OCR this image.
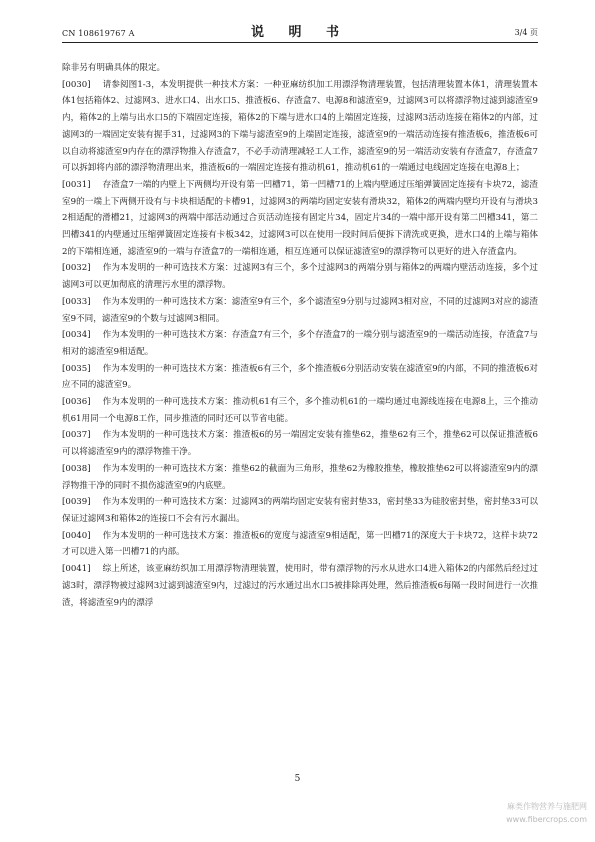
CN 108619767 A	说 明 书	3/4 页

除非另有明确具体的限定。

[0030] 请参阅图1-3，本发明提供一种技术方案：一种亚麻纺织加工用漂浮物清理装置，包括清理装置本体1，清理装置本体1包括箱体2、过滤网3、进水口4、出水口5、推渣板6、存渣盒7、电源8和滤渣室9，过滤网3可以将漂浮物过滤到滤渣室9内，箱体2的上端与出水口5的下端固定连接，箱体2的下端与进水口4的上端固定连接，过滤网3活动连接在箱体2的内部，过滤网3的一端固定安装有握手31，过滤网3的下端与滤渣室9的上端固定连接，滤渣室9的一端活动连接有推渣板6，推渣板6可以自动将滤渣室9内存在的漂浮物推入存渣盒7，不必手动清理减轻工人工作，滤渣室9的另一端活动安装有存渣盒7，存渣盒7可以拆卸将内部的漂浮物清理出来，推渣板6的一端固定连接有推动机61，推动机61的一端通过电线固定连接在电源8上；

[0031] 存渣盒7一端的内壁上下两侧均开设有第一凹槽71，第一凹槽71的上端内壁通过压缩弹簧固定连接有卡块72，滤渣室9的一端上下两侧开设有与卡块相适配的卡槽91，过滤网3的两端均固定安装有滑块32，箱体2的两端内壁均开设有与滑块32相适配的滑槽21，过滤网3的两端中部活动通过合页活动连接有固定片34，固定片34的一端中部开设有第二凹槽341，第二凹槽341的内壁通过压缩弹簧固定连接有卡板342，过滤网3可以在使用一段时间后便拆下清洗或更换，进水口4的上端与箱体2的下端相连通，滤渣室9的一端与存渣盒7的一端相连通，相互连通可以保证滤渣室9的漂浮物可以更好的进入存渣盒内。

[0032] 作为本发明的一种可选技术方案：过滤网3有三个，多个过滤网3的两端分别与箱体2的两端内壁活动连接，多个过滤网3可以更加彻底的清理污水里的漂浮物。

[0033] 作为本发明的一种可选技术方案：滤渣室9有三个，多个滤渣室9分别与过滤网3相对应，不同的过滤网3对应的滤渣室9不同，滤渣室9的个数与过滤网3相同。

[0034] 作为本发明的一种可选技术方案：存渣盒7有三个，多个存渣盒7的一端分别与滤渣室9的一端活动连接，存渣盒7与相对的滤渣室9相适配。

[0035] 作为本发明的一种可选技术方案：推渣板6有三个，多个推渣板6分别活动安装在滤渣室9的内部，不同的推渣板6对应不同的滤渣室9。

[0036] 作为本发明的一种可选技术方案：推动机61有三个，多个推动机61的一端均通过电源线连接在电源8上，三个推动机61用同一个电源8工作，同步推渣的同时还可以节省电能。

[0037] 作为本发明的一种可选技术方案：推渣板6的另一端固定安装有推垫62，推垫62有三个，推垫62可以保证推渣板6可以将滤渣室9内的漂浮物推干净。

[0038] 作为本发明的一种可选技术方案：推垫62的截面为三角形，推垫62为橡胶推垫，橡胶推垫62可以将滤渣室9内的漂浮物推干净的同时不损伤滤渣室9的内底壁。

[0039] 作为本发明的一种可选技术方案：过滤网3的两端均固定安装有密封垫33，密封垫33为硅胶密封垫，密封垫33可以保证过滤网3和箱体2的连接口不会有污水漏出。

[0040] 作为本发明的一种可选技术方案：推渣板6的宽度与滤渣室9相适配，第一凹槽71的深度大于卡块72，这样卡块72才可以进入第一凹槽71的内部。

[0041] 综上所述，该亚麻纺织加工用漂浮物清理装置，使用时，带有漂浮物的污水从进水口4进入箱体2的内部然后经过过滤3时，漂浮物被过滤网3过滤到滤渣室9内，过滤过的污水通过出水口5被排除再处理，然后推渣板6每隔一段时间进行一次推渣，将滤渣室9内的漂浮

5
麻类作物营养与施肥网
www.fibercrops.com
